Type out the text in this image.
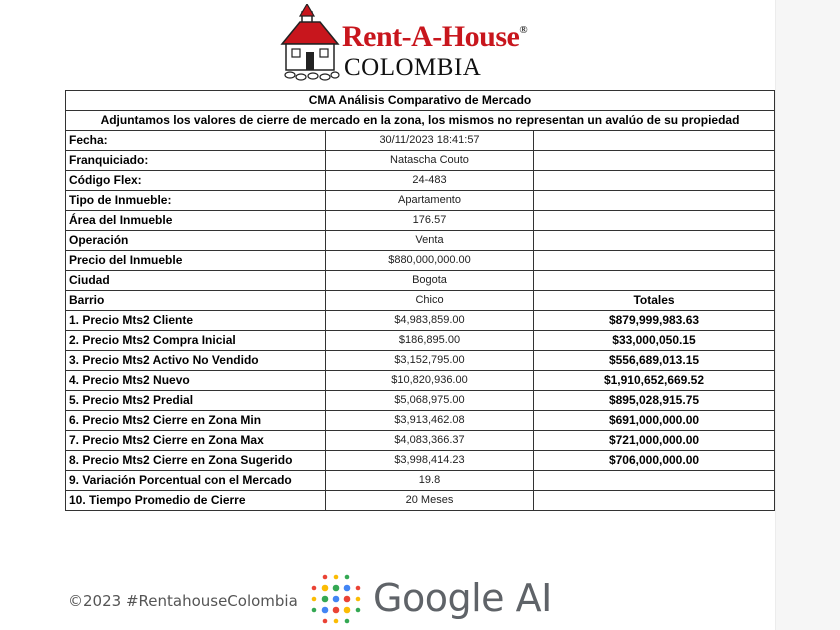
Rent-A-House®
COLOMBIA
CMA Análisis Comparativo de Mercado		
Adjuntamos los valores de cierre de mercado en la zona, los mismos no representan un avalúo de su propiedad		
Fecha:	30/11/2023 18:41:57	
Franquiciado:	Natascha Couto	
Código Flex:	24-483	
Tipo de Inmueble:	Apartamento	
Área del Inmueble	176.57	
Operación	Venta	
Precio del Inmueble	$880,000,000.00	
Ciudad	Bogota	
Barrio	Chico	Totales
1. Precio Mts2 Cliente	$4,983,859.00	$879,999,983.63
2. Precio Mts2 Compra Inicial	$186,895.00	$33,000,050.15
3. Precio Mts2 Activo No Vendido	$3,152,795.00	$556,689,013.15
4. Precio Mts2 Nuevo	$10,820,936.00	$1,910,652,669.52
5. Precio Mts2 Predial	$5,068,975.00	$895,028,915.75
6. Precio Mts2 Cierre en Zona Min	$3,913,462.08	$691,000,000.00
7. Precio Mts2 Cierre en Zona Max	$4,083,366.37	$721,000,000.00
8. Precio Mts2 Cierre en Zona Sugerido	$3,998,414.23	$706,000,000.00
9. Variación Porcentual con el Mercado	19.8	
10. Tiempo Promedio de Cierre	20 Meses	
©2023 #RentahouseColombia Google AI
